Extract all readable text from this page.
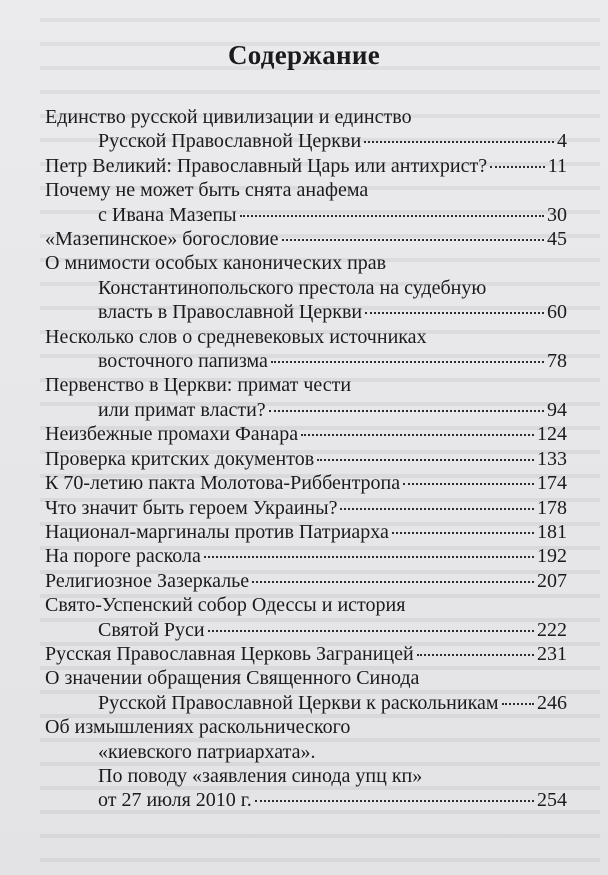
Содержание
Единство русской цивилизации и единство
Русской Православной Церкви	4
Петр Великий: Православный Царь или антихрист?	11
Почему не может быть снята анафема
с Ивана Мазепы	30
«Мазепинское» богословие	45
О мнимости особых канонических прав
Константинопольского престола на судебную
власть в Православной Церкви	60
Несколько слов о средневековых источниках
восточного папизма	78
Первенство в Церкви: примат чести
или примат власти?	94
Неизбежные промахи Фанара	124
Проверка критских документов	133
К 70-летию пакта Молотова-Риббентропа	174
Что значит быть героем Украины?	178
Национал-маргиналы против Патриарха	181
На пороге раскола	192
Религиозное Зазеркалье	207
Свято-Успенский собор Одессы и история
Святой Руси	222
Русская Православная Церковь Заграницей	231
О значении обращения Священного Синода
Русской Православной Церкви к раскольникам 246
Об измышлениях раскольнического
«киевского патриархата».
По поводу «заявления синода упц кп»
от 27 июля 2010 г.	254
